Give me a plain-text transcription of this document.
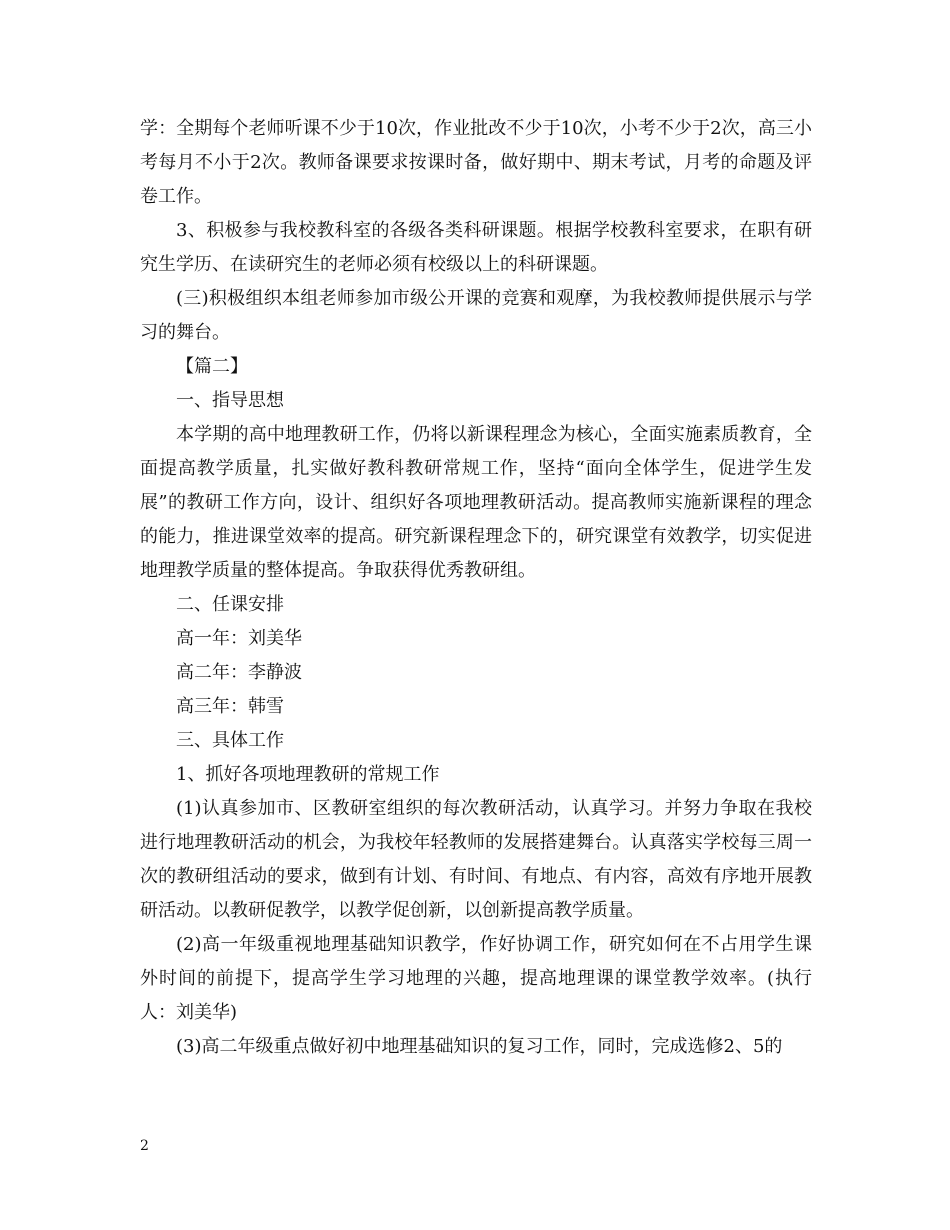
学：全期每个老师听课不少于10次，作业批改不少于10次，小考不少于2次，高三小考每月不小于2次。教师备课要求按课时备，做好期中、期末考试，月考的命题及评卷工作。

3、积极参与我校教科室的各级各类科研课题。根据学校教科室要求，在职有研究生学历、在读研究生的老师必须有校级以上的科研课题。

(三)积极组织本组老师参加市级公开课的竞赛和观摩，为我校教师提供展示与学习的舞台。

【篇二】

一、指导思想

本学期的高中地理教研工作，仍将以新课程理念为核心，全面实施素质教育，全面提高教学质量，扎实做好教科教研常规工作，坚持“面向全体学生，促进学生发展”的教研工作方向，设计、组织好各项地理教研活动。提高教师实施新课程的理念的能力，推进课堂效率的提高。研究新课程理念下的，研究课堂有效教学，切实促进地理教学质量的整体提高。争取获得优秀教研组。

二、任课安排

高一年：刘美华

高二年：李静波

高三年：韩雪

三、具体工作

1、抓好各项地理教研的常规工作

(1)认真参加市、区教研室组织的每次教研活动，认真学习。并努力争取在我校进行地理教研活动的机会，为我校年轻教师的发展搭建舞台。认真落实学校每三周一次的教研组活动的要求，做到有计划、有时间、有地点、有内容，高效有序地开展教研活动。以教研促教学，以教学促创新，以创新提高教学质量。

(2)高一年级重视地理基础知识教学，作好协调工作，研究如何在不占用学生课外时间的前提下，提高学生学习地理的兴趣，提高地理课的课堂教学效率。(执行人：刘美华)

(3)高二年级重点做好初中地理基础知识的复习工作，同时，完成选修2、5的

2
